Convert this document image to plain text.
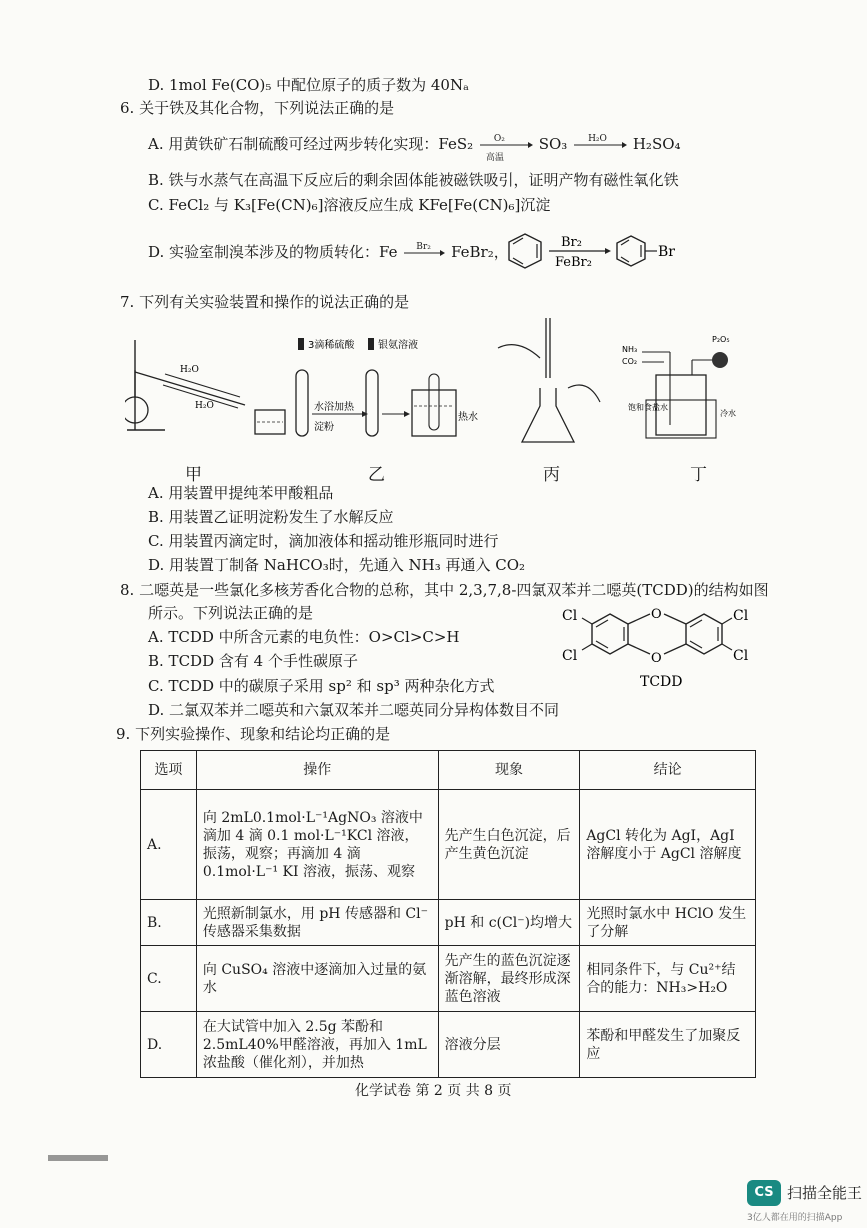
D. 1mol Fe(CO)₅ 中配位原子的质子数为 40Nₐ
6. 关于铁及其化合物，下列说法正确的是
A. 用黄铁矿石制硫酸可经过两步转化实现：FeS₂ O₂
高温
SO₃ H₂O H₂SO₄
B. 铁与水蒸气在高温下反应后的剩余固体能被磁铁吸引，证明产物有磁性氧化铁
C. FeCl₂ 与 K₃[Fe(CN)₆]溶液反应生成 KFe[Fe(CN)₆]沉淀
D. 实验室制溴苯涉及的物质转化：Fe Br₂ FeBr₂，
Br₂
FeBr₂
Br
7. 下列有关实验装置和操作的说法正确的是
H₂O
H₂O
3滴稀硫酸
水浴加热
淀粉
银氨溶液
热水
NH₃
CO₂
P₂O₅
饱和食盐水
冷水
甲	乙	丙	丁
A. 用装置甲提纯苯甲酸粗品
B. 用装置乙证明淀粉发生了水解反应
C. 用装置丙滴定时，滴加液体和摇动锥形瓶同时进行
D. 用装置丁制备 NaHCO₃时，先通入 NH₃ 再通入 CO₂
8. 二噁英是一些氯化多核芳香化合物的总称，其中 2,3,7,8-四氯双苯并二噁英(TCDD)的结构如图
所示。下列说法正确的是
A. TCDD 中所含元素的电负性：O>Cl>C>H
B. TCDD 含有 4 个手性碳原子
C. TCDD 中的碳原子采用 sp² 和 sp³ 两种杂化方式
D. 二氯双苯并二噁英和六氯双苯并二噁英同分异构体数目不同
O
O
Cl
Cl
Cl
Cl
TCDD
9. 下列实验操作、现象和结论均正确的是
选项	操作	现象	结论
A.	向 2mL0.1mol·L⁻¹AgNO₃ 溶液中滴加 4 滴 0.1 mol·L⁻¹KCl 溶液，振荡，观察；再滴加 4 滴 0.1mol·L⁻¹ KI 溶液，振荡、观察	先产生白色沉淀，后产生黄色沉淀	AgCl 转化为 AgI，AgI 溶解度小于 AgCl 溶解度
B.	光照新制氯水，用 pH 传感器和 Cl⁻ 传感器采集数据	pH 和 c(Cl⁻)均增大	光照时氯水中 HClO 发生了分解
C.	向 CuSO₄ 溶液中逐滴加入过量的氨水	先产生的蓝色沉淀逐渐溶解，最终形成深蓝色溶液	相同条件下，与 Cu²⁺结合的能力：NH₃>H₂O
D.	在大试管中加入 2.5g 苯酚和 2.5mL40%甲醛溶液，再加入 1mL 浓盐酸（催化剂），并加热	溶液分层	苯酚和甲醛发生了加聚反应
化学试卷 第 2 页 共 8 页
CS 扫描全能王
3亿人都在用的扫描App
